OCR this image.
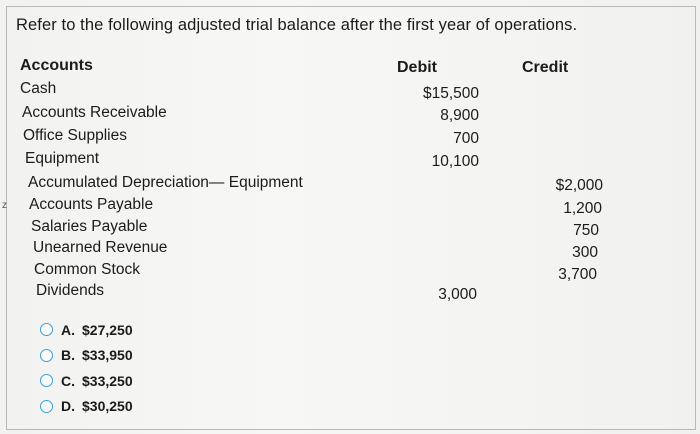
Refer to the following adjusted trial balance after the first year of operations.
Accounts	Debit	Credit
z
Cash
Accounts Receivable
Office Supplies
Equipment
Accumulated Depreciation— Equipment
Accounts Payable
Salaries Payable
Unearned Revenue
Common Stock
Dividends
$15,500
8,900
700
10,100
3,000
$2,000
1,200
750
300
3,700
A. $27,250
B. $33,950
C. $33,250
D. $30,250
